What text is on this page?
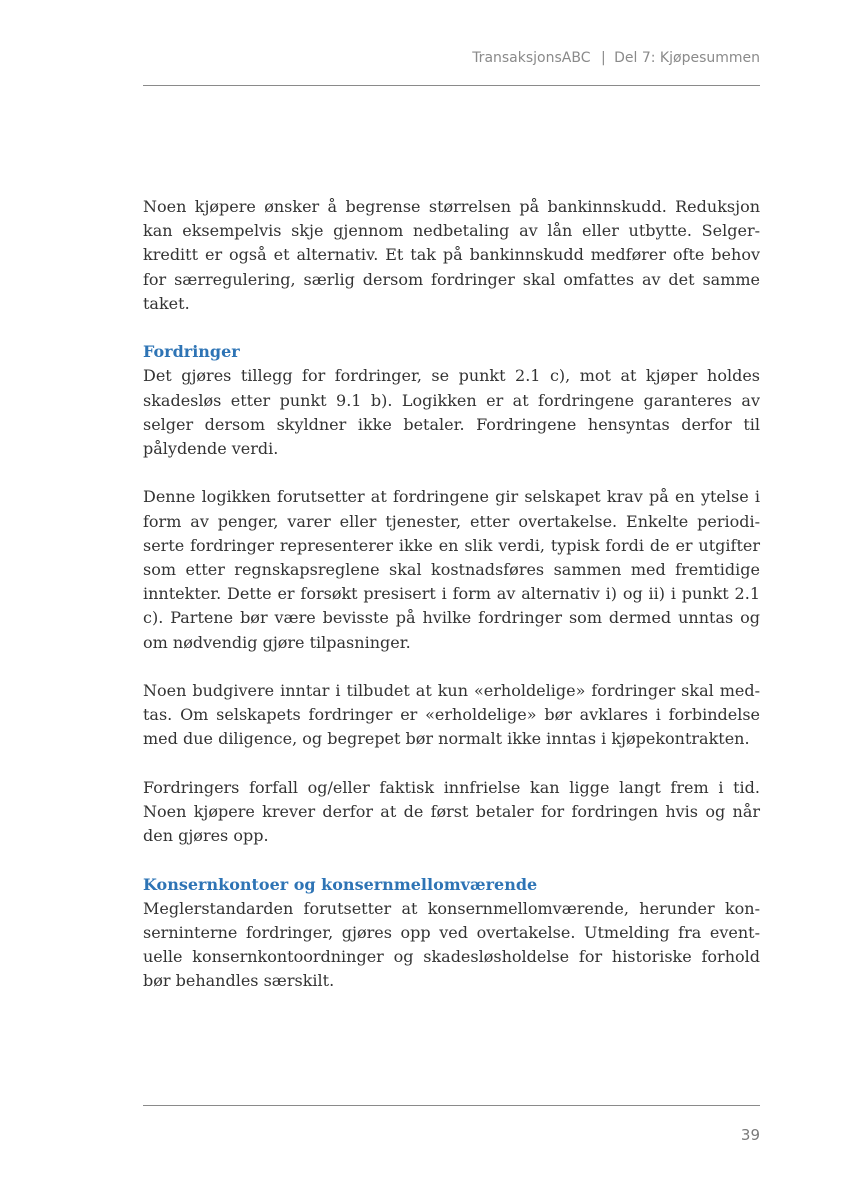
TransaksjonsABC | Del 7: Kjøpesummen

Noen kjøpere ønsker å begrense størrelsen på bankinnskudd. Reduksjon kan eksempelvis skje gjennom nedbetaling av lån eller utbytte. Selgerkreditt er også et alternativ. Et tak på bankinnskudd medfører ofte behov for særregulering, særlig dersom fordringer skal omfattes av det samme taket.

Fordringer

Det gjøres tillegg for fordringer, se punkt 2.1 c), mot at kjøper holdes skadesløs etter punkt 9.1 b). Logikken er at fordringene garanteres av selger dersom skyldner ikke betaler. Fordringene hensyntas derfor til pålydende verdi.

Denne logikken forutsetter at fordringene gir selskapet krav på en ytelse i form av penger, varer eller tjenester, etter overtakelse. Enkelte periodiserte fordringer representerer ikke en slik verdi, typisk fordi de er utgifter som etter regnskapsreglene skal kostnadsføres sammen med fremtidige inntekter. Dette er forsøkt presisert i form av alternativ i) og ii) i punkt 2.1 c). Partene bør være bevisste på hvilke fordringer som dermed unntas og om nødvendig gjøre tilpasninger.

Noen budgivere inntar i tilbudet at kun «erholdelige» fordringer skal medtas. Om selskapets fordringer er «erholdelige» bør avklares i forbindelse med due diligence, og begrepet bør normalt ikke inntas i kjøpekontrakten.

Fordringers forfall og/eller faktisk innfrielse kan ligge langt frem i tid. Noen kjøpere krever derfor at de først betaler for fordringen hvis og når den gjøres opp.

Konsernkontoer og konsernmellomværende

Meglerstandarden forutsetter at konsernmellomværende, herunder konserninterne fordringer, gjøres opp ved overtakelse. Utmelding fra eventuelle konsernkontoordninger og skadesløsholdelse for historiske forhold bør behandles særskilt.

39
